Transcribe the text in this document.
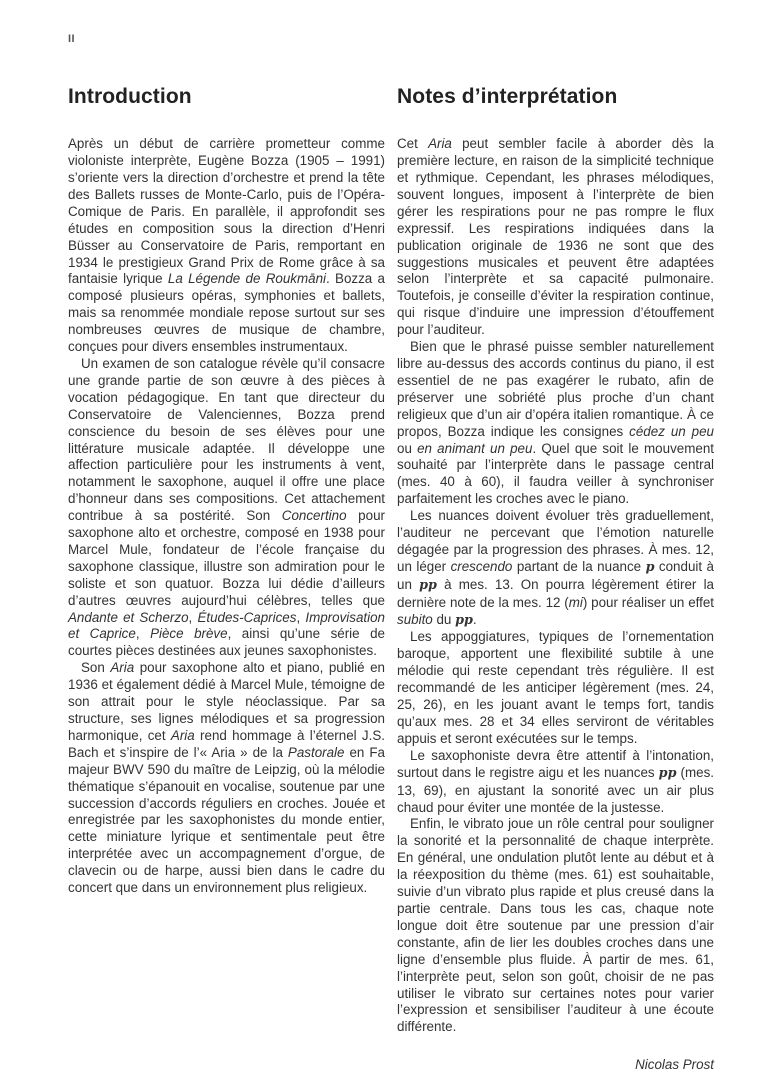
II
Introduction

Après un début de carrière prometteur comme violoniste interprète, Eugène Bozza (1905 – 1991) s’oriente vers la direction d’orchestre et prend la tête des Ballets russes de Monte-Carlo, puis de l’Opéra-Comique de Paris. En parallèle, il approfondit ses études en composition sous la direction d’Henri Büsser au Conservatoire de Paris, remportant en 1934 le prestigieux Grand Prix de Rome grâce à sa fantaisie lyrique La Légende de Roukmāni. Bozza a composé plusieurs opéras, symphonies et ballets, mais sa renommée mondiale repose surtout sur ses nombreuses œuvres de musique de chambre, conçues pour divers ensembles instrumentaux.

Un examen de son catalogue révèle qu’il consacre une grande partie de son œuvre à des pièces à vocation pédagogique. En tant que directeur du Conservatoire de Valenciennes, Bozza prend conscience du besoin de ses élèves pour une littérature musicale adaptée. Il développe une affection particulière pour les instruments à vent, notamment le saxophone, auquel il offre une place d’honneur dans ses compositions. Cet attachement contribue à sa postérité. Son Concertino pour saxophone alto et orchestre, composé en 1938 pour Marcel Mule, fondateur de l’école française du saxophone classique, illustre son admiration pour le soliste et son quatuor. Bozza lui dédie d’ailleurs d’autres œuvres aujourd’hui célèbres, telles que Andante et Scherzo, Études-Caprices, Improvisation et Caprice, Pièce brève, ainsi qu’une série de courtes pièces destinées aux jeunes saxophonistes.

Son Aria pour saxophone alto et piano, publié en 1936 et également dédié à Marcel Mule, témoigne de son attrait pour le style néoclassique. Par sa structure, ses lignes mélodiques et sa progression harmonique, cet Aria rend hommage à l’éternel J.S. Bach et s’inspire de l’« Aria » de la Pastorale en Fa majeur BWV 590 du maître de Leipzig, où la mélodie thématique s’épanouit en vocalise, soutenue par une succession d’accords réguliers en croches. Jouée et enregistrée par les saxophonistes du monde entier, cette miniature lyrique et sentimentale peut être interprétée avec un accompagnement d’orgue, de clavecin ou de harpe, aussi bien dans le cadre du concert que dans un environnement plus religieux.

Notes d’interprétation

Cet Aria peut sembler facile à aborder dès la première lecture, en raison de la simplicité technique et rythmique. Cependant, les phrases mélodiques, souvent longues, imposent à l’interprète de bien gérer les respirations pour ne pas rompre le flux expressif. Les respirations indiquées dans la publication originale de 1936 ne sont que des suggestions musicales et peuvent être adaptées selon l’interprète et sa capacité pulmonaire. Toutefois, je conseille d’éviter la respiration continue, qui risque d’induire une impression d’étouffement pour l’auditeur.

Bien que le phrasé puisse sembler naturellement libre au-dessus des accords continus du piano, il est essentiel de ne pas exagérer le rubato, afin de préserver une sobriété plus proche d’un chant religieux que d’un air d’opéra italien romantique. À ce propos, Bozza indique les consignes cédez un peu ou en animant un peu. Quel que soit le mouvement souhaité par l’interprète dans le passage central (mes. 40 à 60), il faudra veiller à synchroniser parfaitement les croches avec le piano.

Les nuances doivent évoluer très graduellement, l’auditeur ne percevant que l’émotion naturelle dégagée par la progression des phrases. À mes. 12, un léger crescendo partant de la nuance p conduit à un pp à mes. 13. On pourra légèrement étirer la dernière note de la mes. 12 (mi) pour réaliser un effet subito du pp.

Les appoggiatures, typiques de l’ornementation baroque, apportent une flexibilité subtile à une mélodie qui reste cependant très régulière. Il est recommandé de les anticiper légèrement (mes. 24, 25, 26), en les jouant avant le temps fort, tandis qu’aux mes. 28 et 34 elles serviront de véritables appuis et seront exécutées sur le temps.

Le saxophoniste devra être attentif à l’intonation, surtout dans le registre aigu et les nuances pp (mes. 13, 69), en ajustant la sonorité avec un air plus chaud pour éviter une montée de la justesse.

Enfin, le vibrato joue un rôle central pour souligner la sonorité et la personnalité de chaque interprète. En général, une ondulation plutôt lente au début et à la réexposition du thème (mes. 61) est souhaitable, suivie d’un vibrato plus rapide et plus creusé dans la partie centrale. Dans tous les cas, chaque note longue doit être soutenue par une pression d’air constante, afin de lier les doubles croches dans une ligne d’ensemble plus fluide. À partir de mes. 61, l’interprète peut, selon son goût, choisir de ne pas utiliser le vibrato sur certaines notes pour varier l’expression et sensibiliser l’auditeur à une écoute différente.

Nicolas Prost
